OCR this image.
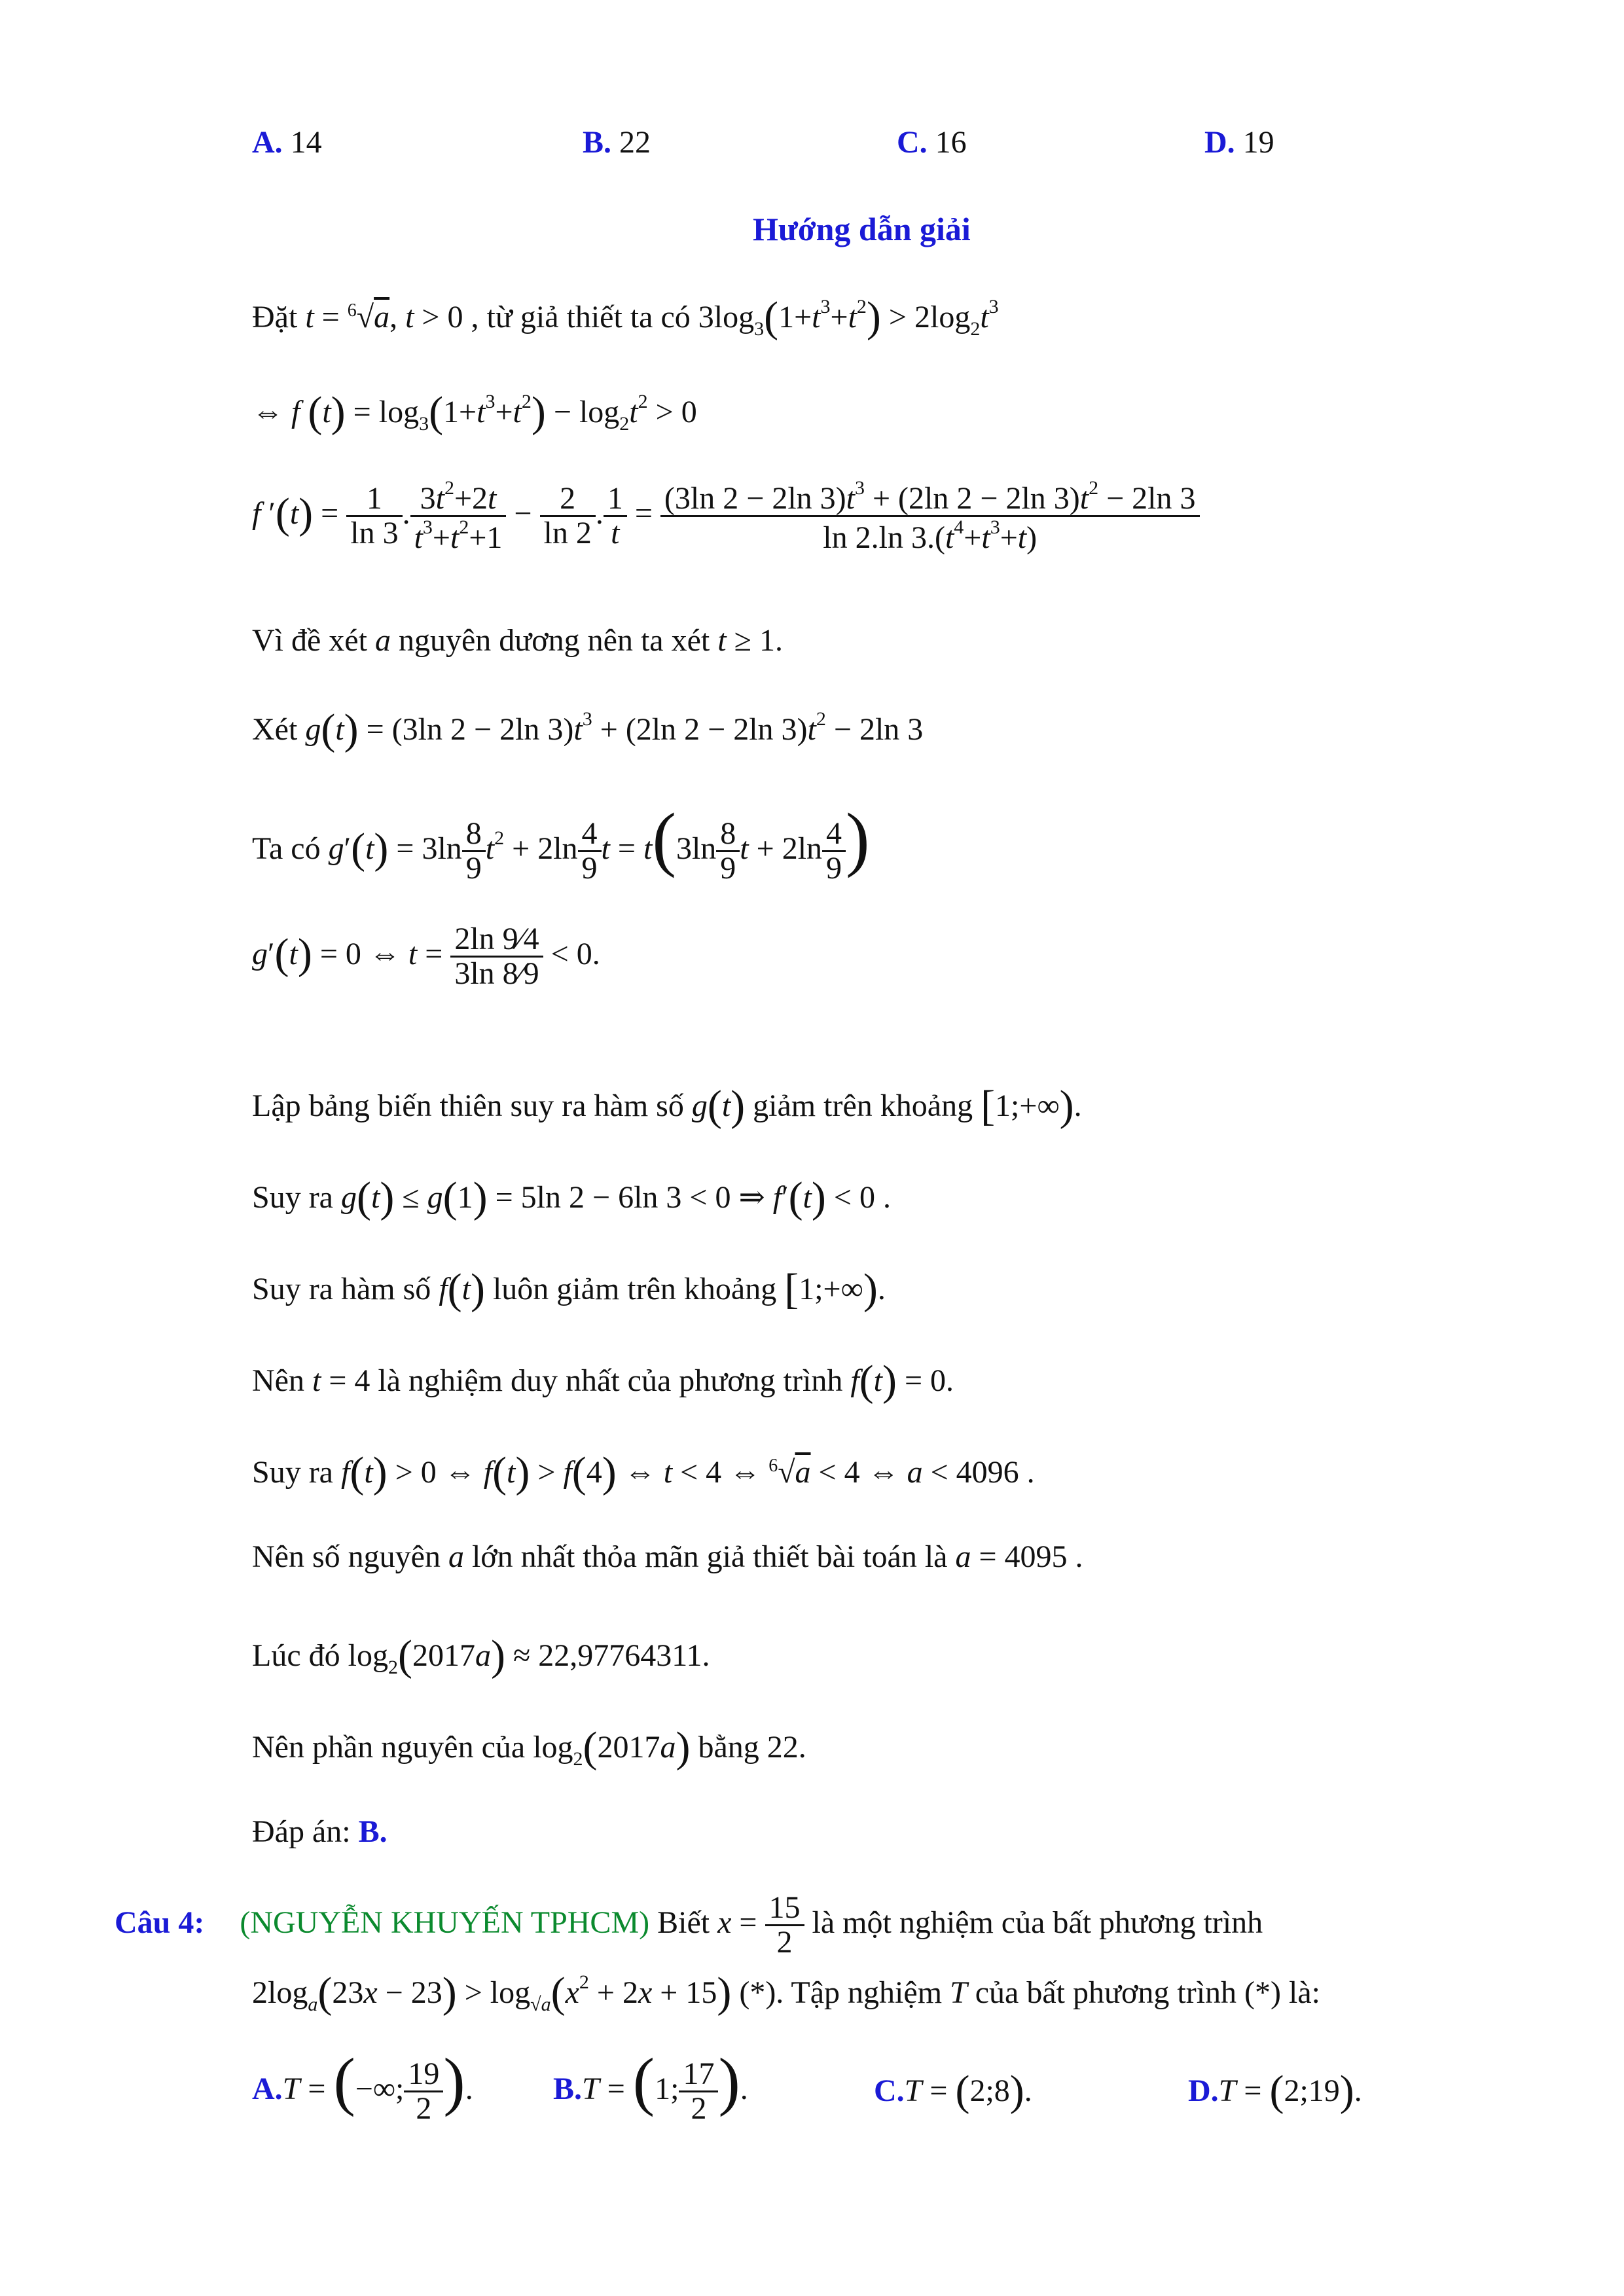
A. 14	B. 22	C. 16	D. 19
Hướng dẫn giải
Đặt t = $^6$√a, t > 0 , từ giả thiết ta có $3\log_3(1+t^3+t^2) > 2\log_2t^3$
⇔ f $(t) = \log_3(1+t^3+t^2) - \log_2t^2 > 0$
f $'(t) = \frac{1}{\ln 3}$ . $\frac{3t^2+2t}{t^3+t^2+1} - \frac{2}{\ln 2}$ . $\frac{1}{t} = \frac{(3\ln 2 - 2\ln 3)t^3 + (2\ln 2 - 2\ln 3)t^2 - 2\ln 3}{\ln 2.\ln 3.(t^4+t^3+t)}$
Vì đề xét a nguyên dương nên ta xét t ≥ 1.
Xét g(t) = (3ln 2 − 2ln $3)t^3 + (2\ln$ 2 − 2ln $3)t^2 - 2\ln$ 3
Ta có $g'(t) = 3\ln \frac{8}{9} t^2 + 2\ln \frac{4}{9}$ $t = t(3\ln \frac{8}{9}$ $t + 2\ln \frac{4}{9}$ )
g′(t) = 0 ⇔ $t = \frac{2\ln 9⁄4}{3\ln 8⁄9} < 0$.
Lập bảng biến thiên suy ra hàm số g(t) giảm trên khoảng [1;+∞).
Suy ra g(t) ≤ g(1) = 5ln 2 − 6ln 3 < 0 ⇒ f′(t) < 0 .
Suy ra hàm số f(t) luôn giảm trên khoảng [1;+∞).
Nên t = 4 là nghiệm duy nhất của phương trình f(t) = 0.
Suy ra f(t) > 0 ⇔ f(t) > f(4) ⇔ t < 4 ⇔ $^6$√a < 4 ⇔ a < 4096 .
Nên số nguyên a lớn nhất thỏa mãn giả thiết bài toán là a = 4095 .
Lúc đó $\log_2(2017a) \approx 22,97764311$.
Nên phần nguyên của $\log_2(2017a)$ bằng 22.
Đáp án: B.
Câu 4: (NGUYỄN KHUYẾN TPHCM) Biết $x = \frac{15}{2}$ là một nghiệm của bất phương trình
$2\log_a(23x - 23) > \log_{√a}(x^2 + 2x + 15)$ (*). Tập nghiệm T của bất phương trình (*) là:
A.T = (−∞; $\frac{19}{2}$ ).	B.T = (1; $\frac{17}{2}$ ).	C.T = (2;8).	D.T = (2;19).
